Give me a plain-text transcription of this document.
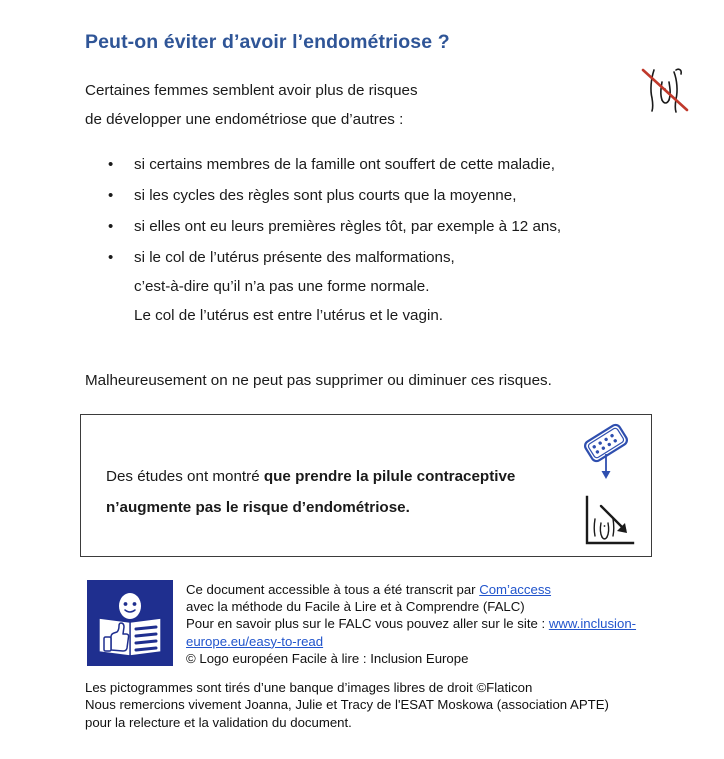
Peut-on éviter d’avoir l’endométriose ?
Certaines femmes semblent avoir plus de risques
de développer une endométriose que d’autres :
• si certains membres de la famille ont souffert de cette maladie,
• si les cycles des règles sont plus courts que la moyenne,
• si elles ont eu leurs premières règles tôt, par exemple à 12 ans,
• si le col de l’utérus présente des malformations,
c’est-à-dire qu’il n’a pas une forme normale.
Le col de l’utérus est entre l’utérus et le vagin.
Malheureusement on ne peut pas supprimer ou diminuer ces risques.
Des études ont montré que prendre la pilule contraceptive
n’augmente pas le risque d’endométriose.
Ce document accessible à tous a été transcrit par Com’access
avec la méthode du Facile à Lire et à Comprendre (FALC)
Pour en savoir plus sur le FALC vous pouvez aller sur le site : www.inclusion-
europe.eu/easy-to-read
© Logo européen Facile à lire : Inclusion Europe
Les pictogrammes sont tirés d’une banque d’images libres de droit ©Flaticon
Nous remercions vivement Joanna, Julie et Tracy de l'ESAT Moskowa (association APTE)
pour la relecture et la validation du document.
